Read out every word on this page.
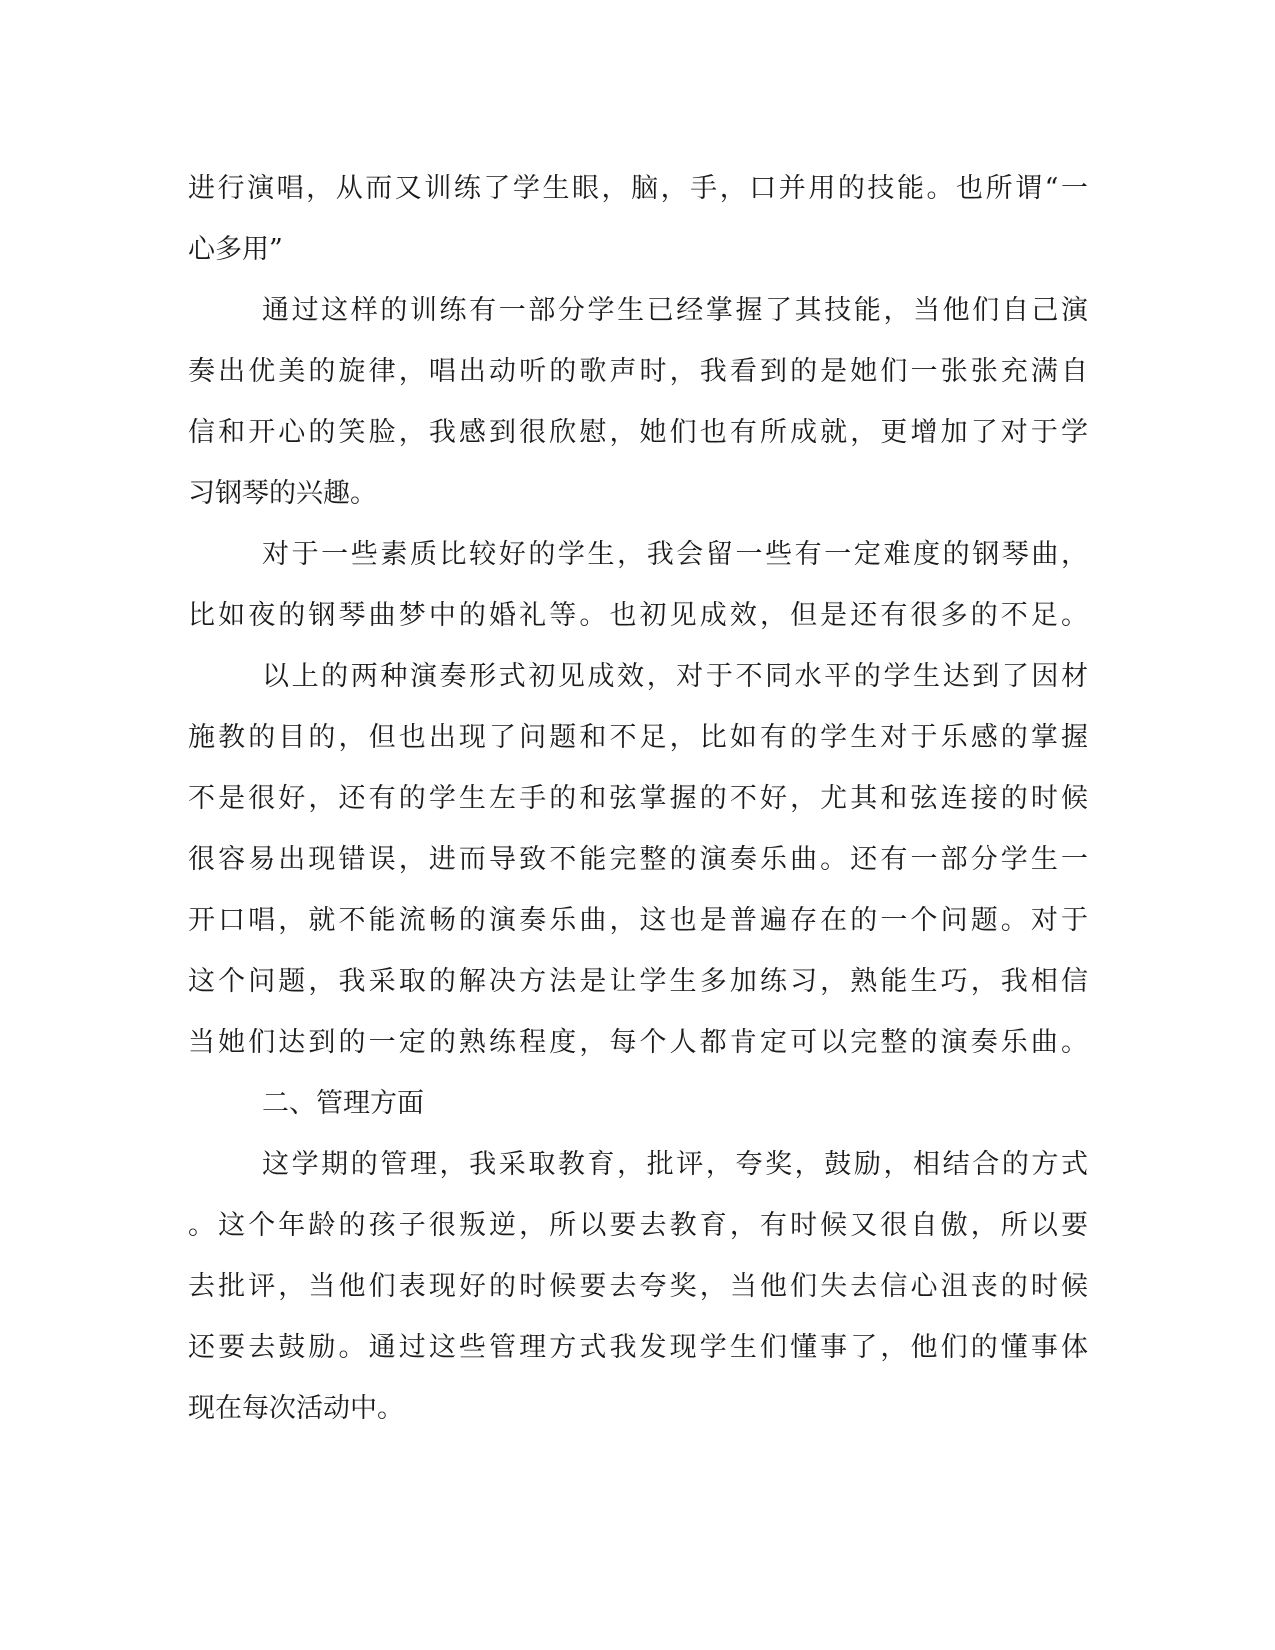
进行演唱，从而又训练了学生眼，脑，手，口并用的技能。也所谓“一

心多用”

通过这样的训练有一部分学生已经掌握了其技能，当他们自己演

奏出优美的旋律，唱出动听的歌声时，我看到的是她们一张张充满自

信和开心的笑脸，我感到很欣慰，她们也有所成就，更增加了对于学

习钢琴的兴趣。

对于一些素质比较好的学生，我会留一些有一定难度的钢琴曲，

比如夜的钢琴曲梦中的婚礼等。也初见成效，但是还有很多的不足。

以上的两种演奏形式初见成效，对于不同水平的学生达到了因材

施教的目的，但也出现了问题和不足，比如有的学生对于乐感的掌握

不是很好，还有的学生左手的和弦掌握的不好，尤其和弦连接的时候

很容易出现错误，进而导致不能完整的演奏乐曲。还有一部分学生一

开口唱，就不能流畅的演奏乐曲，这也是普遍存在的一个问题。对于

这个问题，我采取的解决方法是让学生多加练习，熟能生巧，我相信

当她们达到的一定的熟练程度，每个人都肯定可以完整的演奏乐曲。

二、管理方面

这学期的管理，我采取教育，批评，夸奖，鼓励，相结合的方式

。这个年龄的孩子很叛逆，所以要去教育，有时候又很自傲，所以要

去批评，当他们表现好的时候要去夸奖，当他们失去信心沮丧的时候

还要去鼓励。通过这些管理方式我发现学生们懂事了，他们的懂事体

现在每次活动中。
